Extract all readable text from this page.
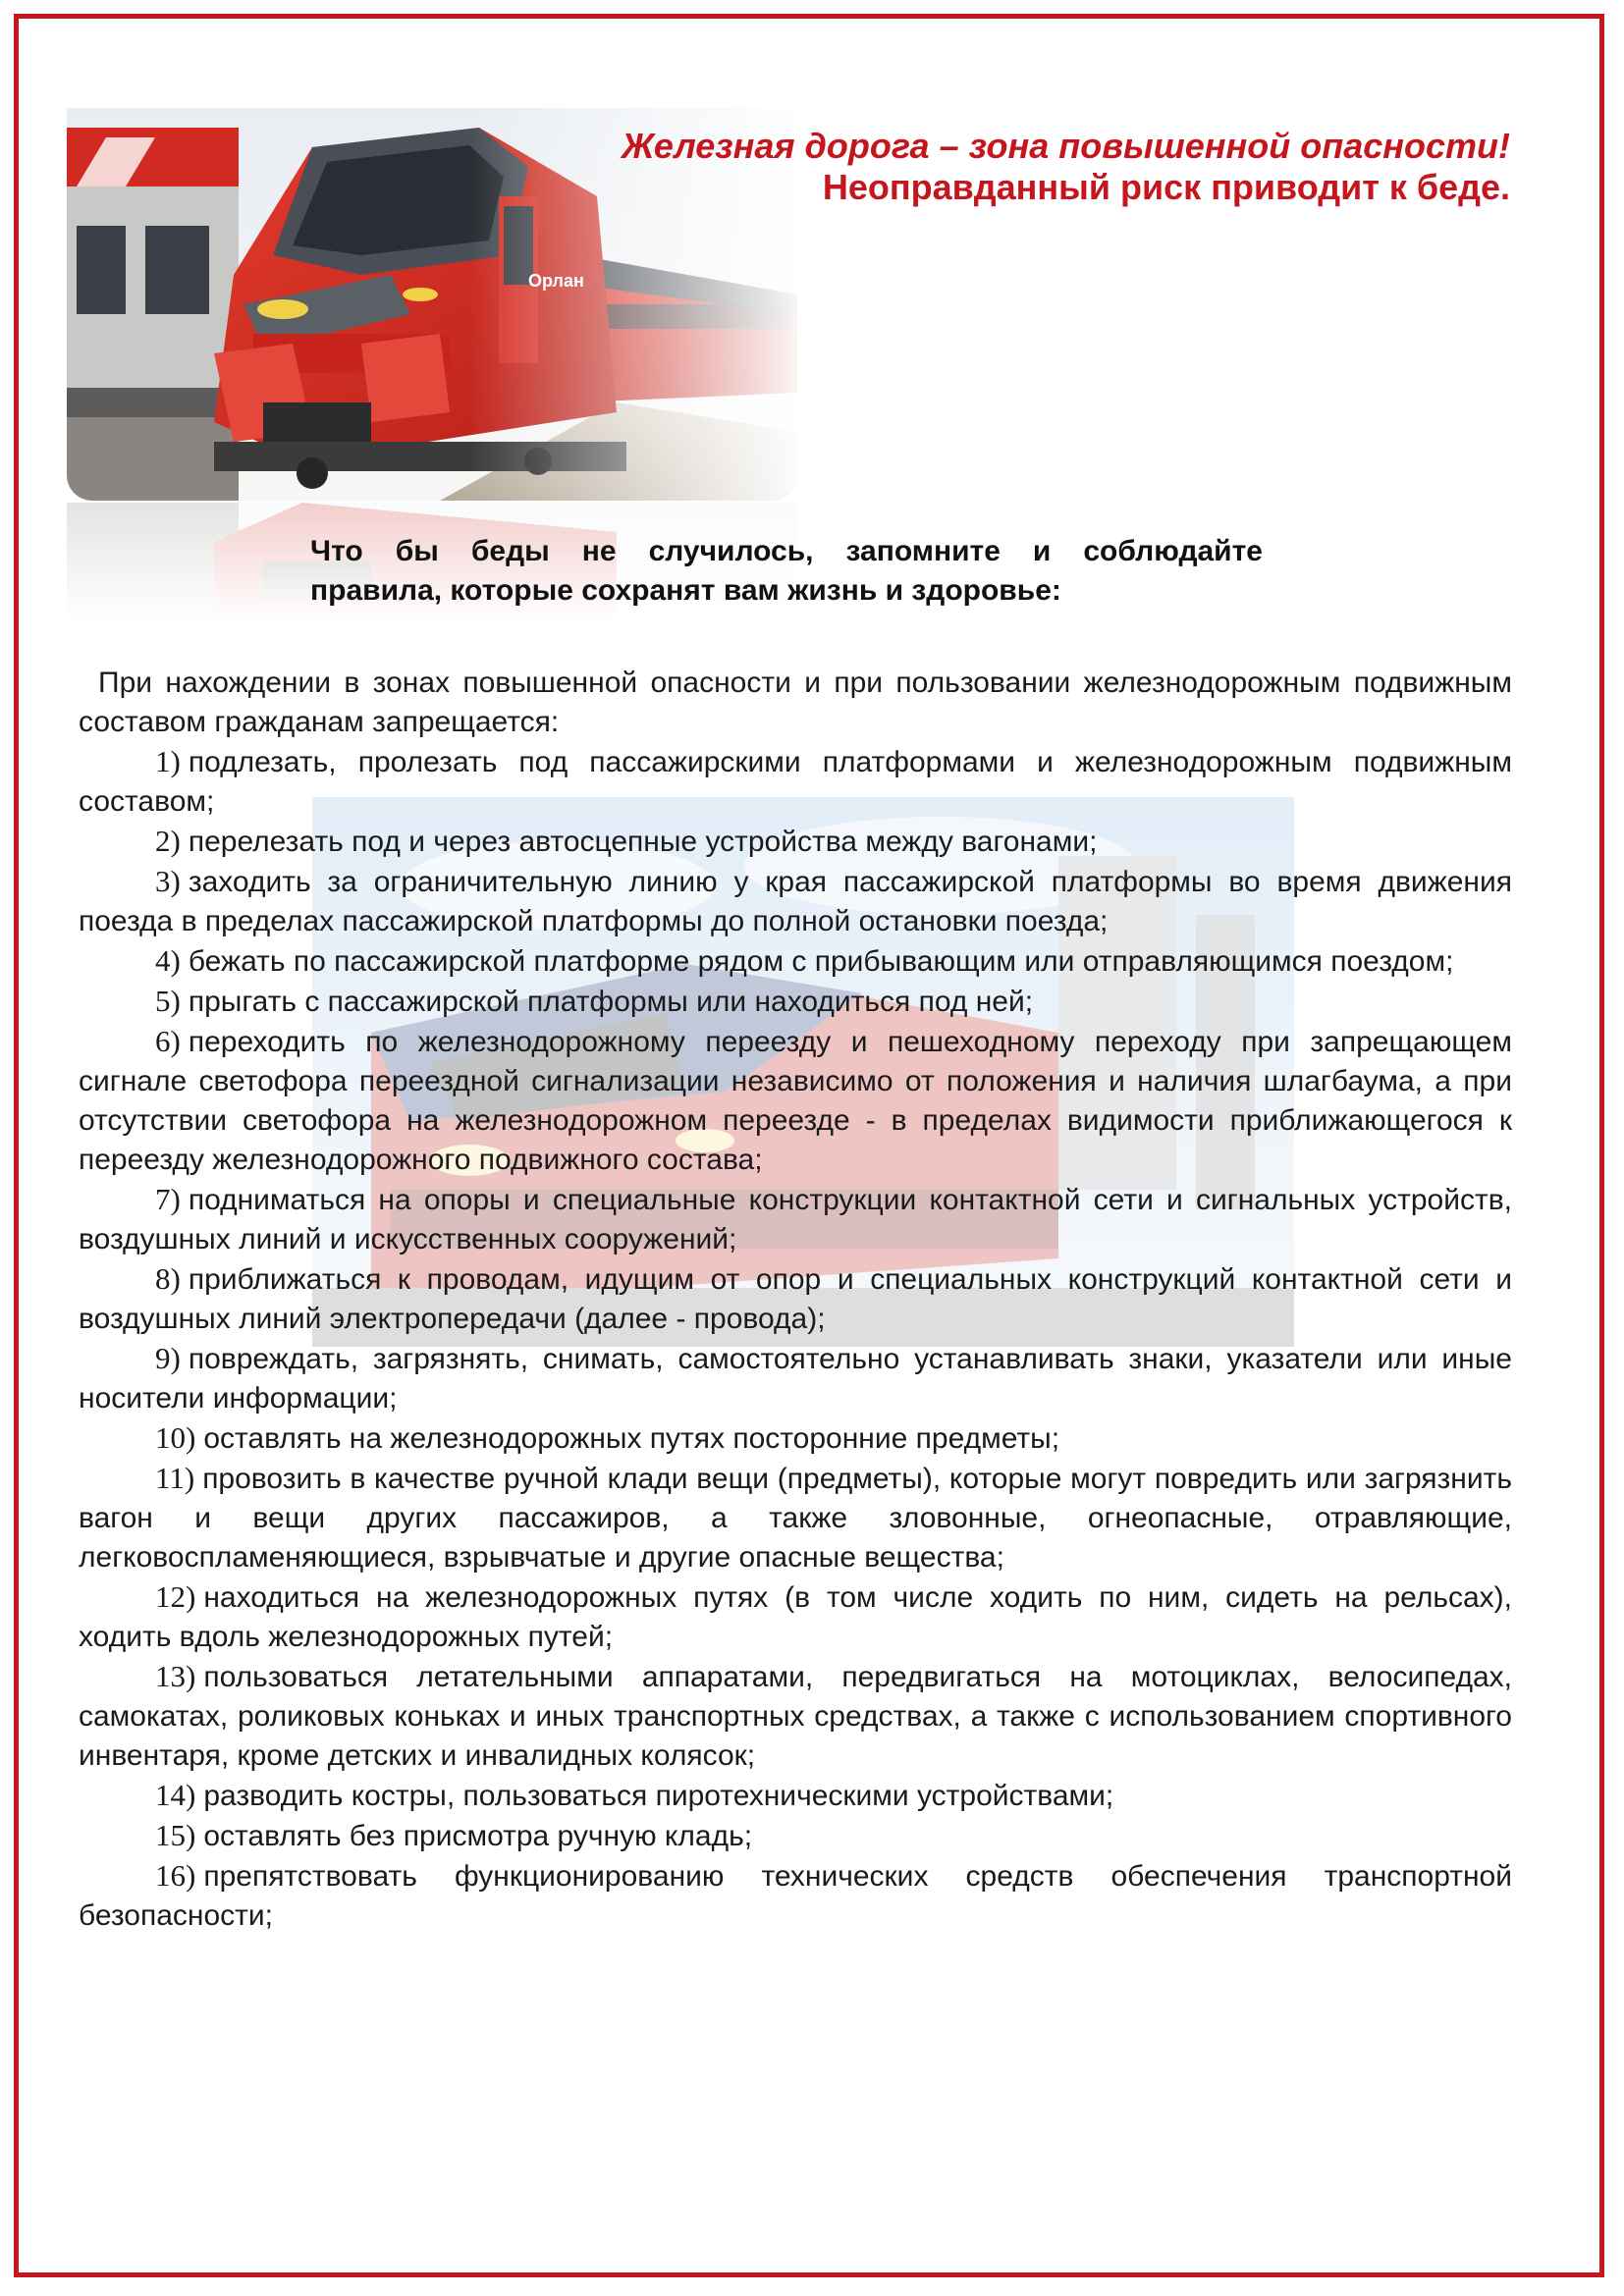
Железная дорога – зона повышенной опасности!
Неоправданный риск приводит к беде.
Что бы беды не случилось, запомните и соблюдайте
правила, которые сохранят вам жизнь и здоровье:

При нахождении в зонах повышенной опасности и при пользовании железнодорожным подвижным составом гражданам запрещается:

1) подлезать, пролезать под пассажирскими платформами и железнодорожным подвижным составом;

2) перелезать под и через автосцепные устройства между вагонами;

3) заходить за ограничительную линию у края пассажирской платформы во время движения поезда в пределах пассажирской платформы до полной остановки поезда;

4) бежать по пассажирской платформе рядом с прибывающим или отправляющимся поездом;

5) прыгать с пассажирской платформы или находиться под ней;

6) переходить по железнодорожному переезду и пешеходному переходу при запрещающем сигнале светофора переездной сигнализации независимо от положения и наличия шлагбаума, а при отсутствии светофора на железнодорожном переезде - в пределах видимости приближающегося к переезду железнодорожного подвижного состава;

7) подниматься на опоры и специальные конструкции контактной сети и сигнальных устройств, воздушных линий и искусственных сооружений;

8) приближаться к проводам, идущим от опор и специальных конструкций контактной сети и воздушных линий электропередачи (далее - провода);

9) повреждать, загрязнять, снимать, самостоятельно устанавливать знаки, указатели или иные носители информации;

10) оставлять на железнодорожных путях посторонние предметы;

11) провозить в качестве ручной клади вещи (предметы), которые могут повредить или загрязнить вагон и вещи других пассажиров, а также зловонные, огнеопасные, отравляющие, легковоспламеняющиеся, взрывчатые и другие опасные вещества;

12) находиться на железнодорожных путях (в том числе ходить по ним, сидеть на рельсах), ходить вдоль железнодорожных путей;

13) пользоваться летательными аппаратами, передвигаться на мотоциклах, велосипедах, самокатах, роликовых коньках и иных транспортных средствах, а также с использованием спортивного инвентаря, кроме детских и инвалидных колясок;

14) разводить костры, пользоваться пиротехническими устройствами;

15) оставлять без присмотра ручную кладь;

16) препятствовать функционированию технических средств обеспечения транспортной безопасности;
